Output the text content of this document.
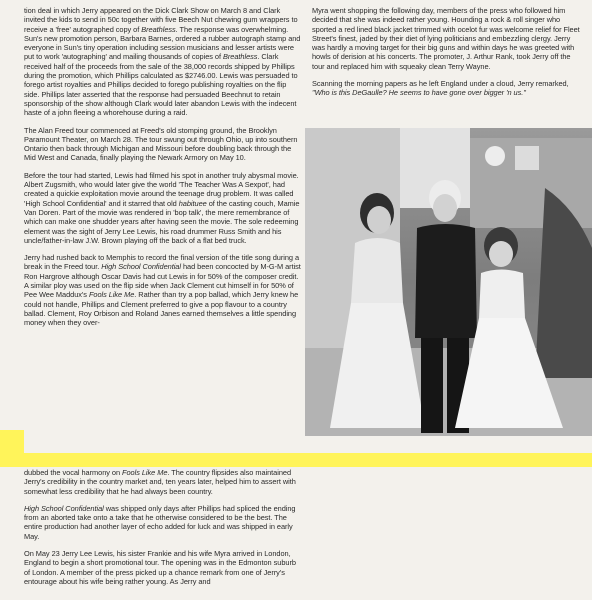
tion deal in which Jerry appeared on the Dick Clark Show on March 8 and Clark invited the kids to send in 50c together with five Beech Nut chewing gum wrappers to receive a 'free' autographed copy of Breathless. The response was overwhelming. Sun's new promotion person, Barbara Barnes, ordered a rubber autograph stamp and everyone in Sun's tiny operation including session musicians and lesser artists were put to work 'autographing' and mailing thousands of copies of Breathless. Clark received half of the proceeds from the sale of the 38,000 records shipped by Phillips during the promotion, which Phillips calculated as $2746.00. Lewis was persuaded to forego artist royalties and Phillips decided to forego publishing royalties on the flip side. Phillips later asserted that the response had persuaded Beechnut to retain sponsorship of the show although Clark would later abandon Lewis with the indecent haste of a john fleeing a whorehouse during a raid.

The Alan Freed tour commenced at Freed's old stomping ground, the Brooklyn Paramount Theater, on March 28. The tour swung out through Ohio, up into southern Ontario then back through Michigan and Missouri before doubling back through the Mid West and Canada, finally playing the Newark Armory on May 10.

Before the tour had started, Lewis had filmed his spot in another truly abysmal movie. Albert Zugsmith, who would later give the world 'The Teacher Was A Sexpot', had created a quickie exploitation movie around the teenage drug problem. It was called 'High School Confidential' and it starred that old habituee of the casting couch, Mamie Van Doren. Part of the movie was rendered in 'bop talk', the mere remembrance of which can make one shudder years after having seen the movie. The sole redeeming element was the sight of Jerry Lee Lewis, his road drummer Russ Smith and his uncle/father-in-law J.W. Brown playing off the back of a flat bed truck.

Jerry had rushed back to Memphis to record the final version of the title song during a break in the Freed tour. High School Confidential had been concocted by M-G-M artist Ron Hargrove although Oscar Davis had cut Lewis in for 50% of the composer credit. A similar ploy was used on the flip side when Jack Clement cut himself in for 50% of Pee Wee Maddux's Fools Like Me. Rather than try a pop ballad, which Jerry knew he could not handle, Phillips and Clement preferred to give a pop flavour to a country ballad. Clement, Roy Orbison and Roland Janes earned themselves a little spending money when they over-

dubbed the vocal harmony on Fools Like Me. The country flipsides also maintained Jerry's credibility in the country market and, ten years later, helped him to assert with somewhat less credibility that he had always been country.

High School Confidential was shipped only days after Phillips had spliced the ending from an aborted take onto a take that he otherwise considered to be the best. The entire production had another layer of echo added for luck and was shipped in early May.

On May 23 Jerry Lee Lewis, his sister Frankie and his wife Myra arrived in London, England to begin a short promotional tour. The opening was in the Edmonton suburb of London. A member of the press picked up a chance remark from one of Jerry's entourage about his wife being rather young. As Jerry and

Myra went shopping the following day, members of the press who followed him decided that she was indeed rather young. Hounding a rock & roll singer who sported a red lined black jacket trimmed with ocelot fur was welcome relief for Fleet Street's finest, jaded by their diet of lying politicians and embezzling clergy. Jerry was hardly a moving target for their big guns and within days he was greeted with howls of derision at his concerts. The promoter, J. Arthur Rank, took Jerry off the tour and replaced him with squeaky clean Terry Wayne.

Scanning the morning papers as he left England under a cloud, Jerry remarked, "Who is this DeGaulle? He seems to have gone over bigger 'n us."
